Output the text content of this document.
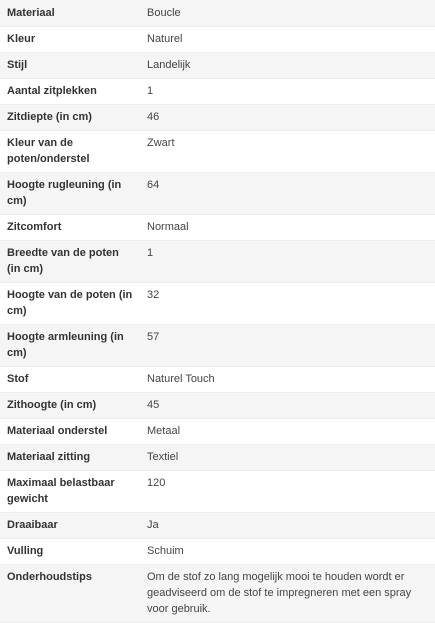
Materiaal	Boucle
Kleur	Naturel
Stijl	Landelijk
Aantal zitplekken	1
Zitdiepte (in cm)	46
Kleur van de poten/onderstel	Zwart
Hoogte rugleuning (in cm)	64
Zitcomfort	Normaal
Breedte van de poten (in cm)	1
Hoogte van de poten (in cm)	32
Hoogte armleuning (in cm)	57
Stof	Naturel Touch
Zithoogte (in cm)	45
Materiaal onderstel	Metaal
Materiaal zitting	Textiel
Maximaal belastbaar gewicht	120
Draaibaar	Ja
Vulling	Schuim
Onderhoudstips	Om de stof zo lang mogelijk mooi te houden wordt er geadviseerd om de stof te impregneren met een spray voor gebruik.
